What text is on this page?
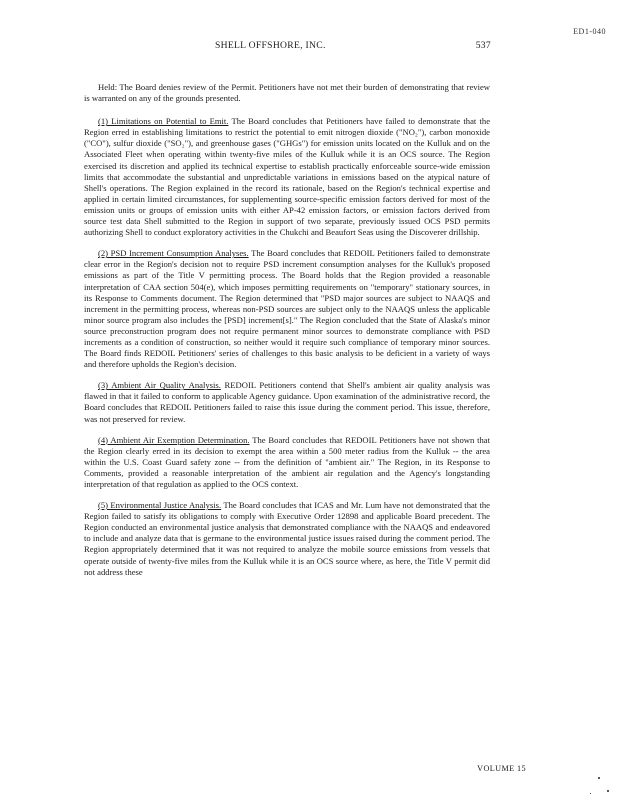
ED1-040
SHELL OFFSHORE, INC.	537

Held: The Board denies review of the Permit. Petitioners have not met their burden of demonstrating that review is warranted on any of the grounds presented.

(1) Limitations on Potential to Emit. The Board concludes that Petitioners have failed to demonstrate that the Region erred in establishing limitations to restrict the potential to emit nitrogen dioxide ("NO₂"), carbon monoxide ("CO"), sulfur dioxide ("SO₂"), and greenhouse gases ("GHGs") for emission units located on the Kulluk and on the Associated Fleet when operating within twenty-five miles of the Kulluk while it is an OCS source. The Region exercised its discretion and applied its technical expertise to establish practically enforceable source-wide emission limits that accommodate the substantial and unpredictable variations in emissions based on the atypical nature of Shell's operations. The Region explained in the record its rationale, based on the Region's technical expertise and applied in certain limited circumstances, for supplementing source-specific emission factors derived for most of the emission units or groups of emission units with either AP-42 emission factors, or emission factors derived from source test data Shell submitted to the Region in support of two separate, previously issued OCS PSD permits authorizing Shell to conduct exploratory activities in the Chukchi and Beaufort Seas using the Discoverer drillship.

(2) PSD Increment Consumption Analyses. The Board concludes that REDOIL Petitioners failed to demonstrate clear error in the Region's decision not to require PSD increment consumption analyses for the Kulluk's proposed emissions as part of the Title V permitting process. The Board holds that the Region provided a reasonable interpretation of CAA section 504(e), which imposes permitting requirements on "temporary" stationary sources, in its Response to Comments document. The Region determined that "PSD major sources are subject to NAAQS and increment in the permitting process, whereas non-PSD sources are subject only to the NAAQS unless the applicable minor source program also includes the [PSD] increment[s]." The Region concluded that the State of Alaska's minor source preconstruction program does not require permanent minor sources to demonstrate compliance with PSD increments as a condition of construction, so neither would it require such compliance of temporary minor sources. The Board finds REDOIL Petitioners' series of challenges to this basic analysis to be deficient in a variety of ways and therefore upholds the Region's decision.

(3) Ambient Air Quality Analysis. REDOIL Petitioners contend that Shell's ambient air quality analysis was flawed in that it failed to conform to applicable Agency guidance. Upon examination of the administrative record, the Board concludes that REDOIL Petitioners failed to raise this issue during the comment period. This issue, therefore, was not preserved for review.

(4) Ambient Air Exemption Determination. The Board concludes that REDOIL Petitioners have not shown that the Region clearly erred in its decision to exempt the area within a 500 meter radius from the Kulluk -- the area within the U.S. Coast Guard safety zone -- from the definition of "ambient air." The Region, in its Response to Comments, provided a reasonable interpretation of the ambient air regulation and the Agency's longstanding interpretation of that regulation as applied to the OCS context.

(5) Environmental Justice Analysis. The Board concludes that ICAS and Mr. Lum have not demonstrated that the Region failed to satisfy its obligations to comply with Executive Order 12898 and applicable Board precedent. The Region conducted an environmental justice analysis that demonstrated compliance with the NAAQS and endeavored to include and analyze data that is germane to the environmental justice issues raised during the comment period. The Region appropriately determined that it was not required to analyze the mobile source emissions from vessels that operate outside of twenty-five miles from the Kulluk while it is an OCS source where, as here, the Title V permit did not address these

VOLUME 15
